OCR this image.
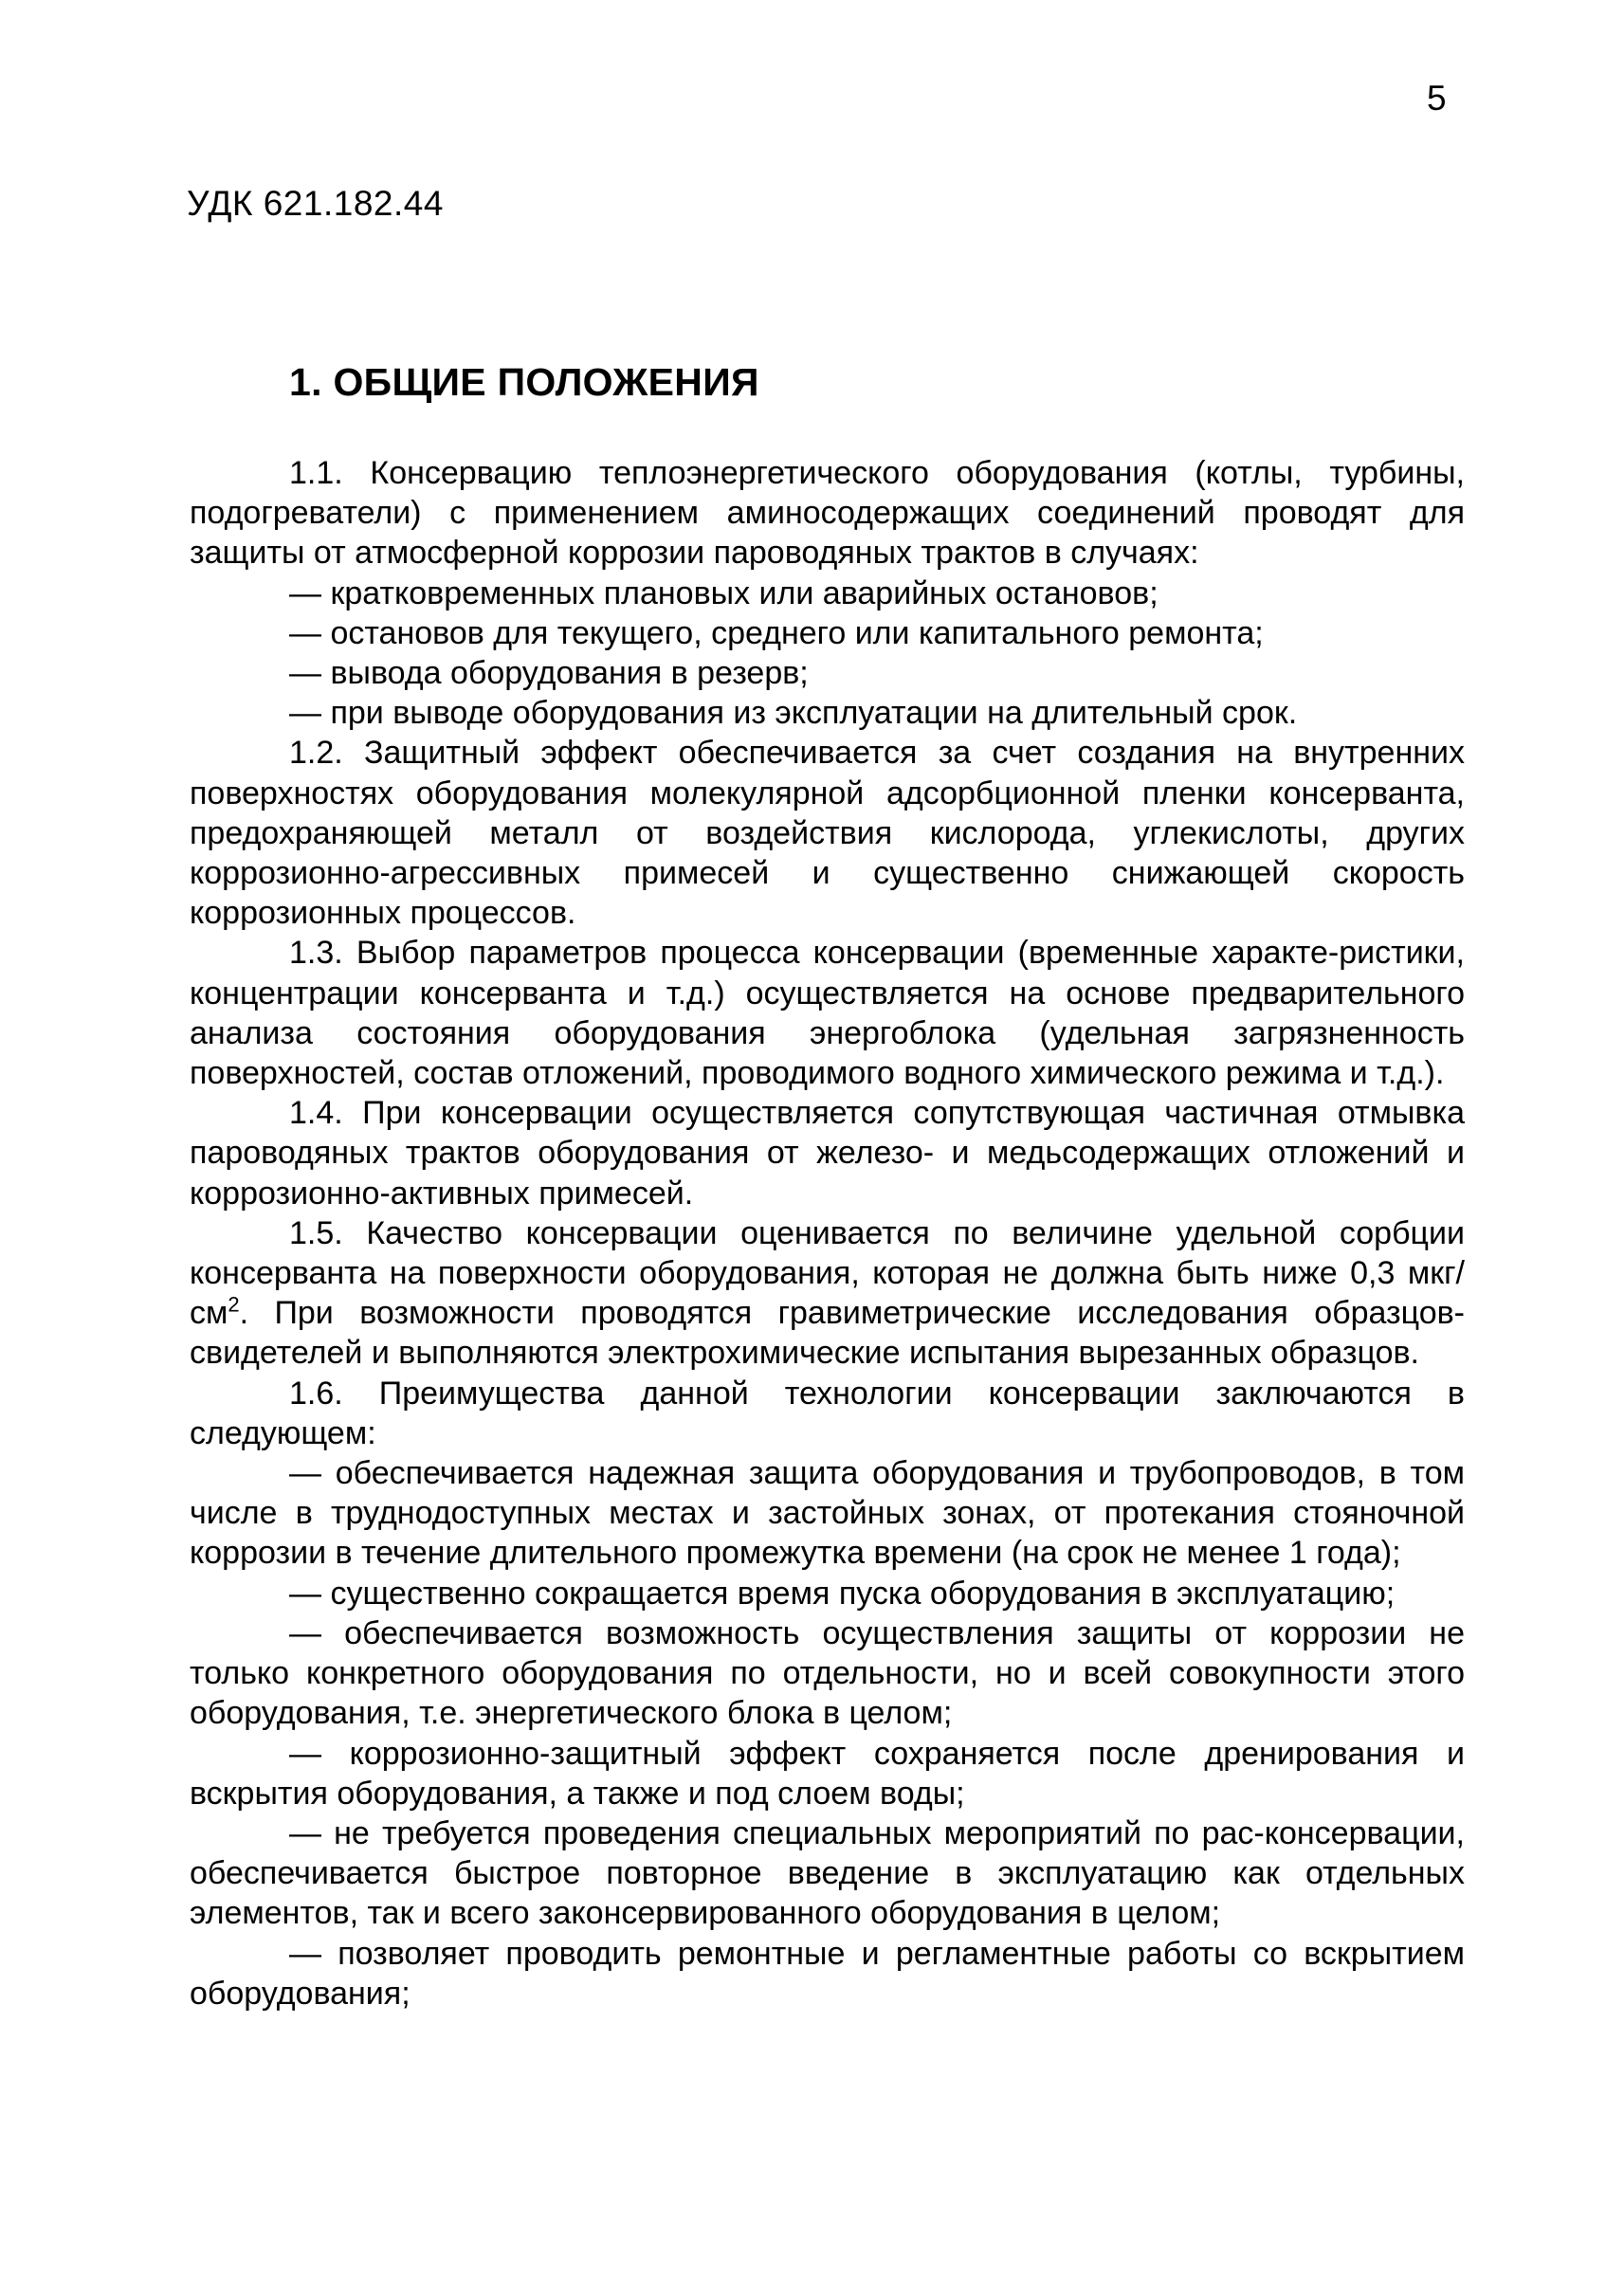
5
УДК 621.182.44
1. ОБЩИЕ ПОЛОЖЕНИЯ

1.1. Консервацию теплоэнергетического оборудования (котлы, турбины, подогреватели) с применением аминосодержащих соединений проводят для защиты от атмосферной коррозии пароводяных трактов в случаях:

— кратковременных плановых или аварийных остановов;

— остановов для текущего, среднего или капитального ремонта;

— вывода оборудования в резерв;

— при выводе оборудования из эксплуатации на длительный срок.

1.2. Защитный эффект обеспечивается за счет создания на внутренних поверхностях оборудования молекулярной адсорбционной пленки консерванта, предохраняющей металл от воздействия кислорода, углекислоты, других коррозионно-агрессивных примесей и существенно снижающей скорость коррозионных процессов.

1.3. Выбор параметров процесса консервации (временные характе-ристики, концентрации консерванта и т.д.) осуществляется на основе предварительного анализа состояния оборудования энергоблока (удельная загрязненность поверхностей, состав отложений, проводимого водного химического режима и т.д.).

1.4. При консервации осуществляется сопутствующая частичная отмывка пароводяных трактов оборудования от железо- и медьсодержащих отложений и коррозионно-активных примесей.

1.5. Качество консервации оценивается по величине удельной сорбции консерванта на поверхности оборудования, которая не должна быть ниже 0,3 мкг/$см^2$. При возможности проводятся гравиметрические исследования образцов-свидетелей и выполняются электрохимические испытания вырезанных образцов.

1.6. Преимущества данной технологии консервации заключаются в следующем:

— обеспечивается надежная защита оборудования и трубопроводов, в том числе в труднодоступных местах и застойных зонах, от протекания стояночной коррозии в течение длительного промежутка времени (на срок не менее 1 года);

— существенно сокращается время пуска оборудования в эксплуатацию;

— обеспечивается возможность осуществления защиты от коррозии не только конкретного оборудования по отдельности, но и всей совокупности этого оборудования, т.е. энергетического блока в целом;

— коррозионно-защитный эффект сохраняется после дренирования и вскрытия оборудования, а также и под слоем воды;

— не требуется проведения специальных мероприятий по рас-консервации, обеспечивается быстрое повторное введение в эксплуатацию как отдельных элементов, так и всего законсервированного оборудования в целом;

— позволяет проводить ремонтные и регламентные работы со вскрытием оборудования;
